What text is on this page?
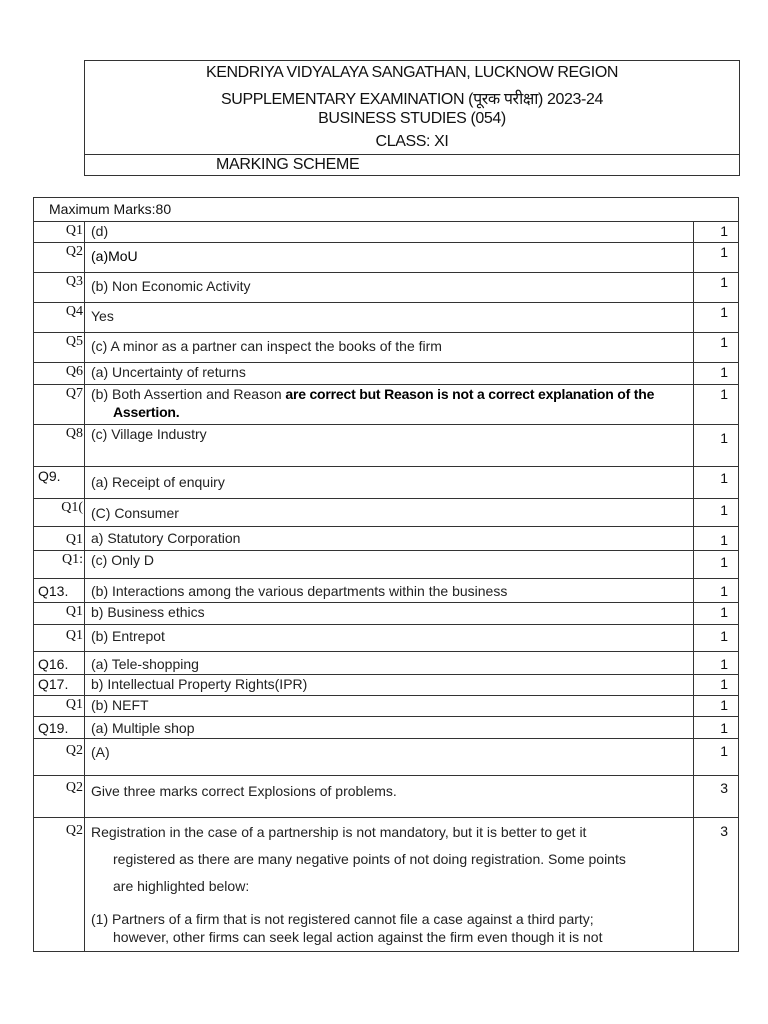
KENDRIYA VIDYALAYA SANGATHAN, LUCKNOW REGION
SUPPLEMENTARY EXAMINATION (पूरक परीक्षा) 2023-24
BUSINESS STUDIES (054)
CLASS: XI
MARKING SCHEME
Maximum Marks:80		
Q1	(d)	1
Q2	(a)MoU	1
Q3	(b) Non Economic Activity	1
Q4	Yes	1
Q5	(c) A minor as a partner can inspect the books of the firm	1
Q6	(a) Uncertainty of returns	1
Q7	(b) Both Assertion and Reason are correct but Reason is not a correct explanation of the
Assertion.	1
Q8	(c) Village Industry	1
Q9.	(a) Receipt of enquiry	1
Q1(	(C) Consumer	1
Q1	a) Statutory Corporation	1
Q1:	(c) Only D	1
Q13.	(b) Interactions among the various departments within the business	1
Q1	b) Business ethics	1
Q1	(b) Entrepot	1
Q16.	(a) Tele-shopping	1
Q17.	b) Intellectual Property Rights(IPR)	1
Q1	(b) NEFT	1
Q19.	(a) Multiple shop	1
Q2	(A)	1
Q2	Give three marks correct Explosions of problems.	3
Q2	Registration in the case of a partnership is not mandatory, but it is better to get it
registered as there are many negative points of not doing registration. Some points
are highlighted below:
(1) Partners of a firm that is not registered cannot file a case against a third party;
however, other firms can seek legal action against the firm even though it is not	3
